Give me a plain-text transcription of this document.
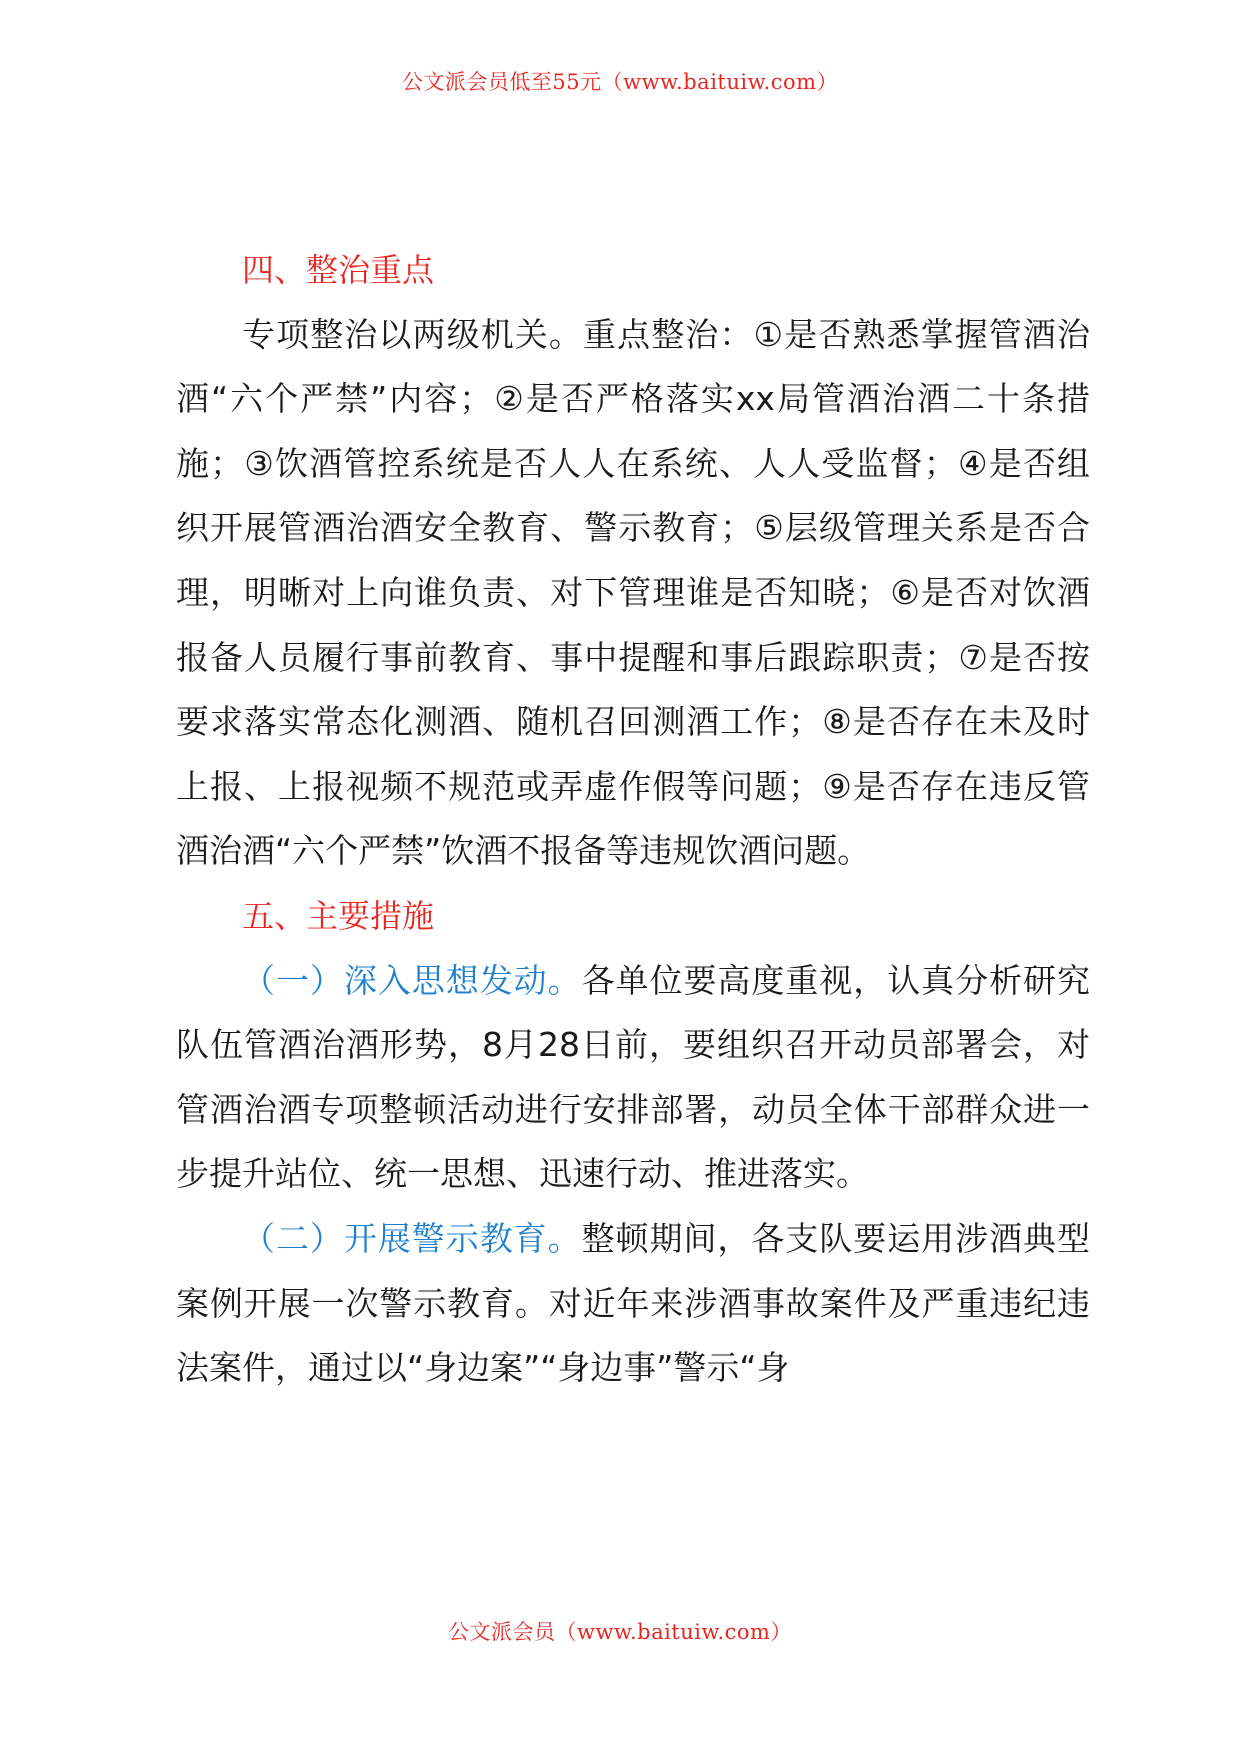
公文派会员低至55元（www.baituiw.com）

四、整治重点

专项整治以两级机关。重点整治：①是否熟悉掌握管酒治酒“六个严禁”内容；②是否严格落实xx局管酒治酒二十条措施；③饮酒管控系统是否人人在系统、人人受监督；④是否组织开展管酒治酒安全教育、警示教育；⑤层级管理关系是否合理，明晰对上向谁负责、对下管理谁是否知晓；⑥是否对饮酒报备人员履行事前教育、事中提醒和事后跟踪职责；⑦是否按要求落实常态化测酒、随机召回测酒工作；⑧是否存在未及时上报、上报视频不规范或弄虚作假等问题；⑨是否存在违反管酒治酒“六个严禁”饮酒不报备等违规饮酒问题。

五、主要措施

（一）深入思想发动。各单位要高度重视，认真分析研究队伍管酒治酒形势，8月28日前，要组织召开动员部署会，对管酒治酒专项整顿活动进行安排部署，动员全体干部群众进一步提升站位、统一思想、迅速行动、推进落实。

（二）开展警示教育。整顿期间，各支队要运用涉酒典型案例开展一次警示教育。对近年来涉酒事故案件及严重违纪违法案件，通过以“身边案”“身边事”警示“身

公文派会员（www.baituiw.com）
